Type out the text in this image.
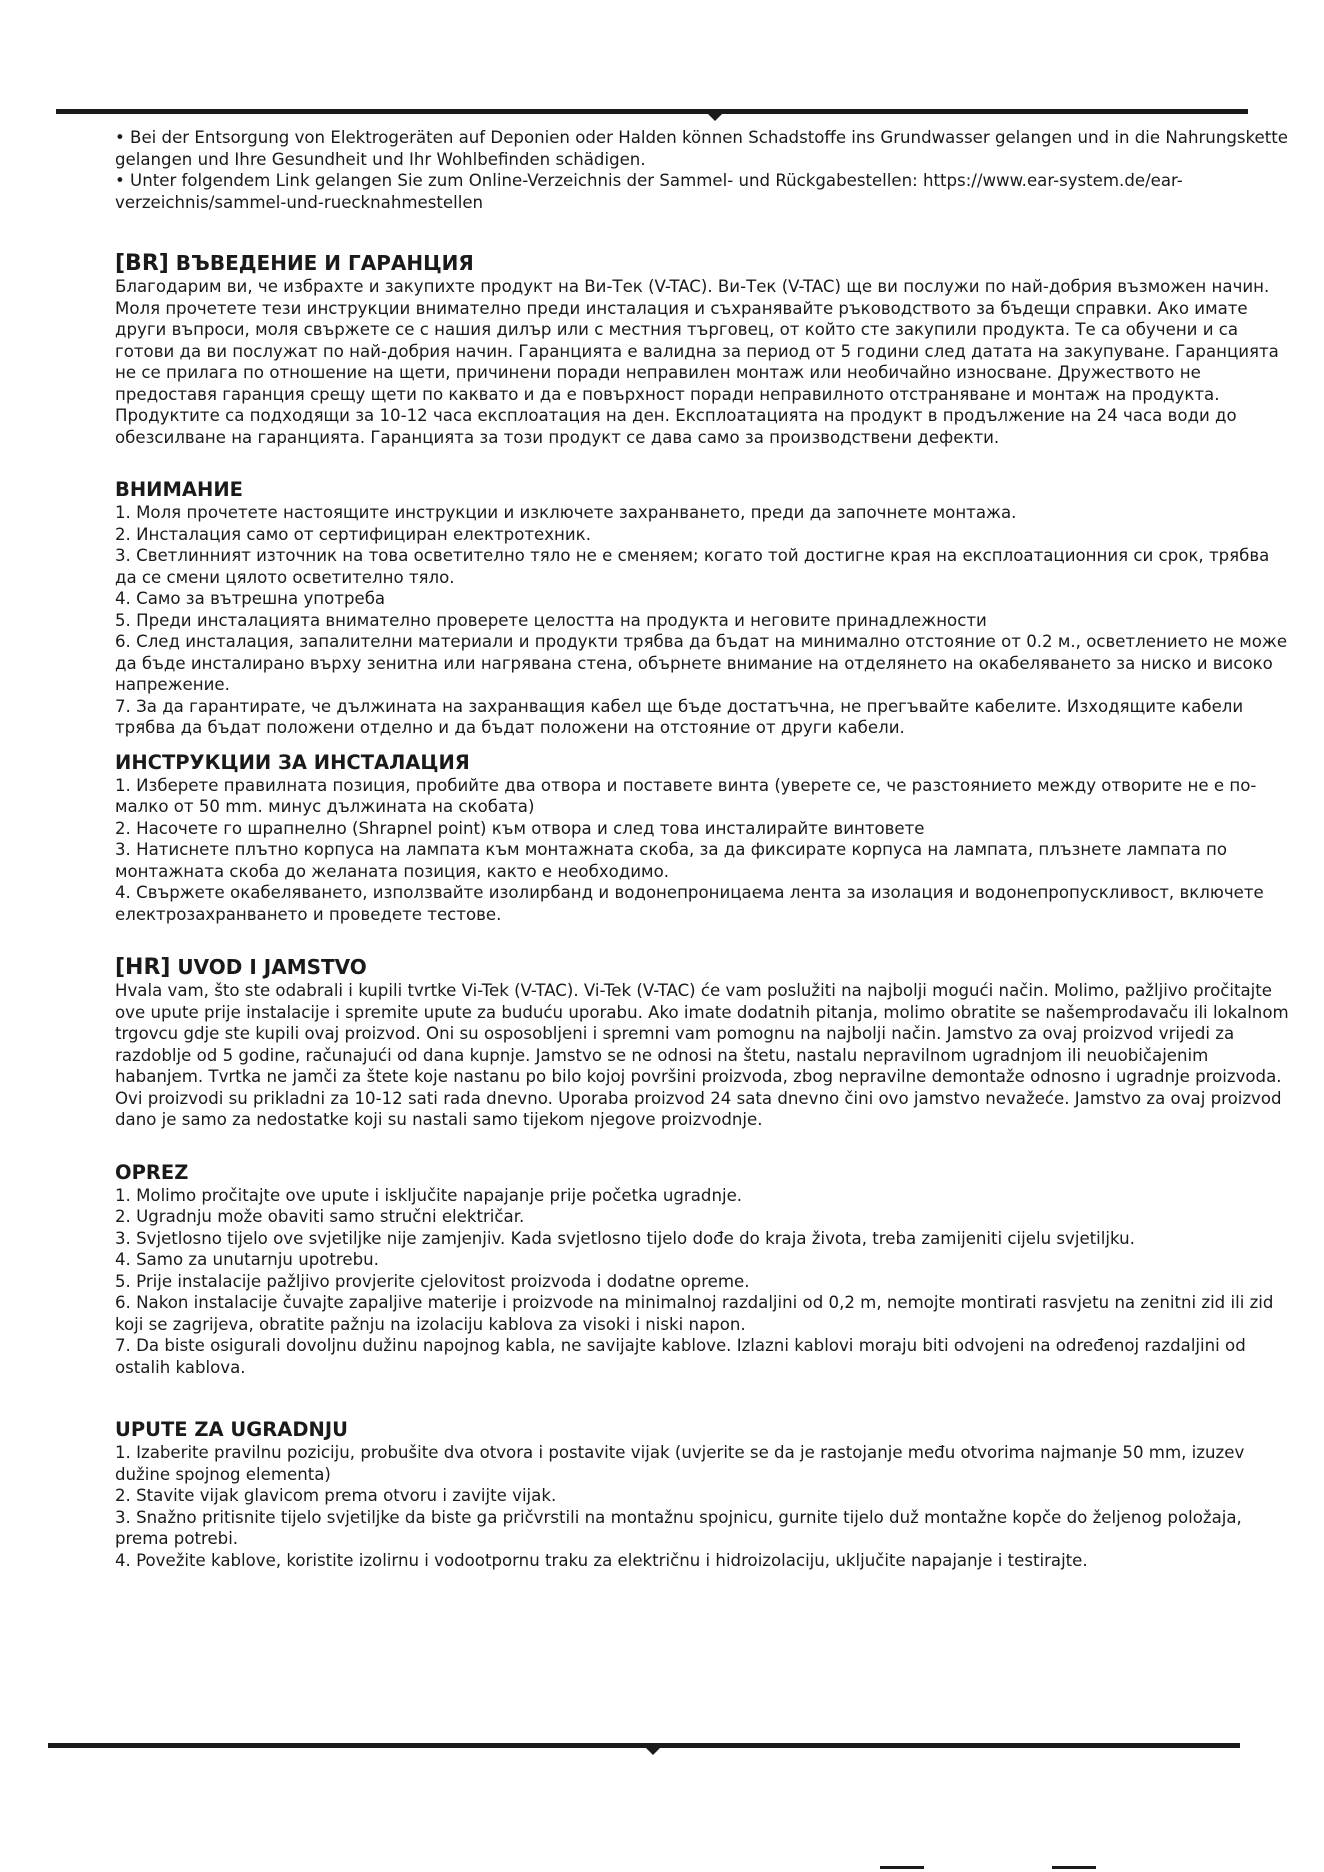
• Bei der Entsorgung von Elektrogeräten auf Deponien oder Halden können Schadstoffe ins Grundwasser gelangen und in die Nahrungskette gelangen und Ihre Gesundheit und Ihr Wohlbefinden schädigen.

• Unter folgendem Link gelangen Sie zum Online-Verzeichnis der Sammel- und Rückgabestellen: https://www.ear-system.de/ear-verzeichnis/sammel-und-ruecknahmestellen

[BR] ВЪВЕДЕНИЕ И ГАРАНЦИЯ

Благодарим ви, че избрахте и закупихте продукт на Ви-Тек (V-TAC). Ви-Тек (V-TAC) ще ви послужи по най-добрия възможен начин. Моля прочетете тези инструкции внимателно преди инсталация и съхранявайте ръководството за бъдещи справки. Ако имате други въпроси, моля свържете се с нашия дилър или с местния търговец, от който сте закупили продукта. Те са обучени и са готови да ви послужат по най-добрия начин. Гаранцията е валидна за период от 5 години след датата на закупуване. Гаранцията не се прилага по отношение на щети, причинени поради неправилен монтаж или необичайно износване. Дружеството не предоставя гаранция срещу щети по каквато и да е повърхност поради неправилното отстраняване и монтаж на продукта. Продуктите са подходящи за 10-12 часа експлоатация на ден. Експлоатацията на продукт в продължение на 24 часа води до обезсилване на гаранцията. Гаранцията за този продукт се дава само за производствени дефекти.

ВНИМАНИЕ

1. Моля прочетете настоящите инструкции и изключете захранването, преди да започнете монтажа.

2. Инсталация само от сертифициран електротехник.

3. Светлинният източник на това осветително тяло не е сменяем; когато той достигне края на експлоатационния си срок, трябва да се смени цялото осветително тяло.

4. Само за вътрешна употреба

5. Преди инсталацията внимателно проверете целостта на продукта и неговите принадлежности

6. След инсталация, запалителни материали и продукти трябва да бъдат на минимално отстояние от 0.2 м., осветлението не може да бъде инсталирано върху зенитна или нагрявана стена, обърнете внимание на отделянето на окабеляването за ниско и високо напрежение.

7. За да гарантирате, че дължината на захранващия кабел ще бъде достатъчна, не прегъвайте кабелите. Изходящите кабели трябва да бъдат положени отделно и да бъдат положени на отстояние от други кабели.

ИНСТРУКЦИИ ЗА ИНСТАЛАЦИЯ

1. Изберете правилната позиция, пробийте два отвора и поставете винта (уверете се, че разстоянието между отворите не е по-малко от 50 mm. минус дължината на скобата)

2. Насочете го шрапнелно (Shrapnel point) към отвора и след това инсталирайте винтовете

3. Натиснете плътно корпуса на лампата към монтажната скоба, за да фиксирате корпуса на лампата, плъзнете лампата по монтажната скоба до желаната позиция, както е необходимо.

4. Свържете окабеляването, използвайте изолирбанд и водонепроницаема лента за изолация и водонепропускливост, включете електрозахранването и проведете тестове.

[HR] UVOD I JAMSTVO

Hvala vam, što ste odabrali i kupili tvrtke Vi-Tek (V-TAC). Vi-Tek (V-TAC) će vam poslužiti na najbolji mogući način. Molimo, pažljivo pročitajte ove upute prije instalacije i spremite upute za buduću uporabu. Ako imate dodatnih pitanja, molimo obratite se našemprodavaču ili lokalnom trgovcu gdje ste kupili ovaj proizvod. Oni su osposobljeni i spremni vam pomognu na najbolji način. Jamstvo za ovaj proizvod vrijedi za razdoblje od 5 godine, računajući od dana kupnje. Jamstvo se ne odnosi na štetu, nastalu nepravilnom ugradnjom ili neuobičajenim habanjem. Tvrtka ne jamči za štete koje nastanu po bilo kojoj površini proizvoda, zbog nepravilne demontaže odnosno i ugradnje proizvoda. Ovi proizvodi su prikladni za 10-12 sati rada dnevno. Uporaba proizvod 24 sata dnevno čini ovo jamstvo nevažeće. Jamstvo za ovaj proizvod dano je samo za nedostatke koji su nastali samo tijekom njegove proizvodnje.

OPREZ

1. Molimo pročitajte ove upute i isključite napajanje prije početka ugradnje.

2. Ugradnju može obaviti samo stručni električar.

3. Svjetlosno tijelo ove svjetiljke nije zamjenjiv. Kada svjetlosno tijelo dođe do kraja života, treba zamijeniti cijelu svjetiljku.

4. Samo za unutarnju upotrebu.

5. Prije instalacije pažljivo provjerite cjelovitost proizvoda i dodatne opreme.

6. Nakon instalacije čuvajte zapaljive materije i proizvode na minimalnoj razdaljini od 0,2 m, nemojte montirati rasvjetu na zenitni zid ili zid koji se zagrijeva, obratite pažnju na izolaciju kablova za visoki i niski napon.

7. Da biste osigurali dovoljnu dužinu napojnog kabla, ne savijajte kablove. Izlazni kablovi moraju biti odvojeni na određenoj razdaljini od ostalih kablova.

UPUTE ZA UGRADNJU

1. Izaberite pravilnu poziciju, probušite dva otvora i postavite vijak (uvjerite se da je rastojanje među otvorima najmanje 50 mm, izuzev dužine spojnog elementa)

2. Stavite vijak glavicom prema otvoru i zavijte vijak.

3. Snažno pritisnite tijelo svjetiljke da biste ga pričvrstili na montažnu spojnicu, gurnite tijelo duž montažne kopče do željenog položaja, prema potrebi.

4. Povežite kablove, koristite izolirnu i vodootpornu traku za električnu i hidroizolaciju, uključite napajanje i testirajte.
